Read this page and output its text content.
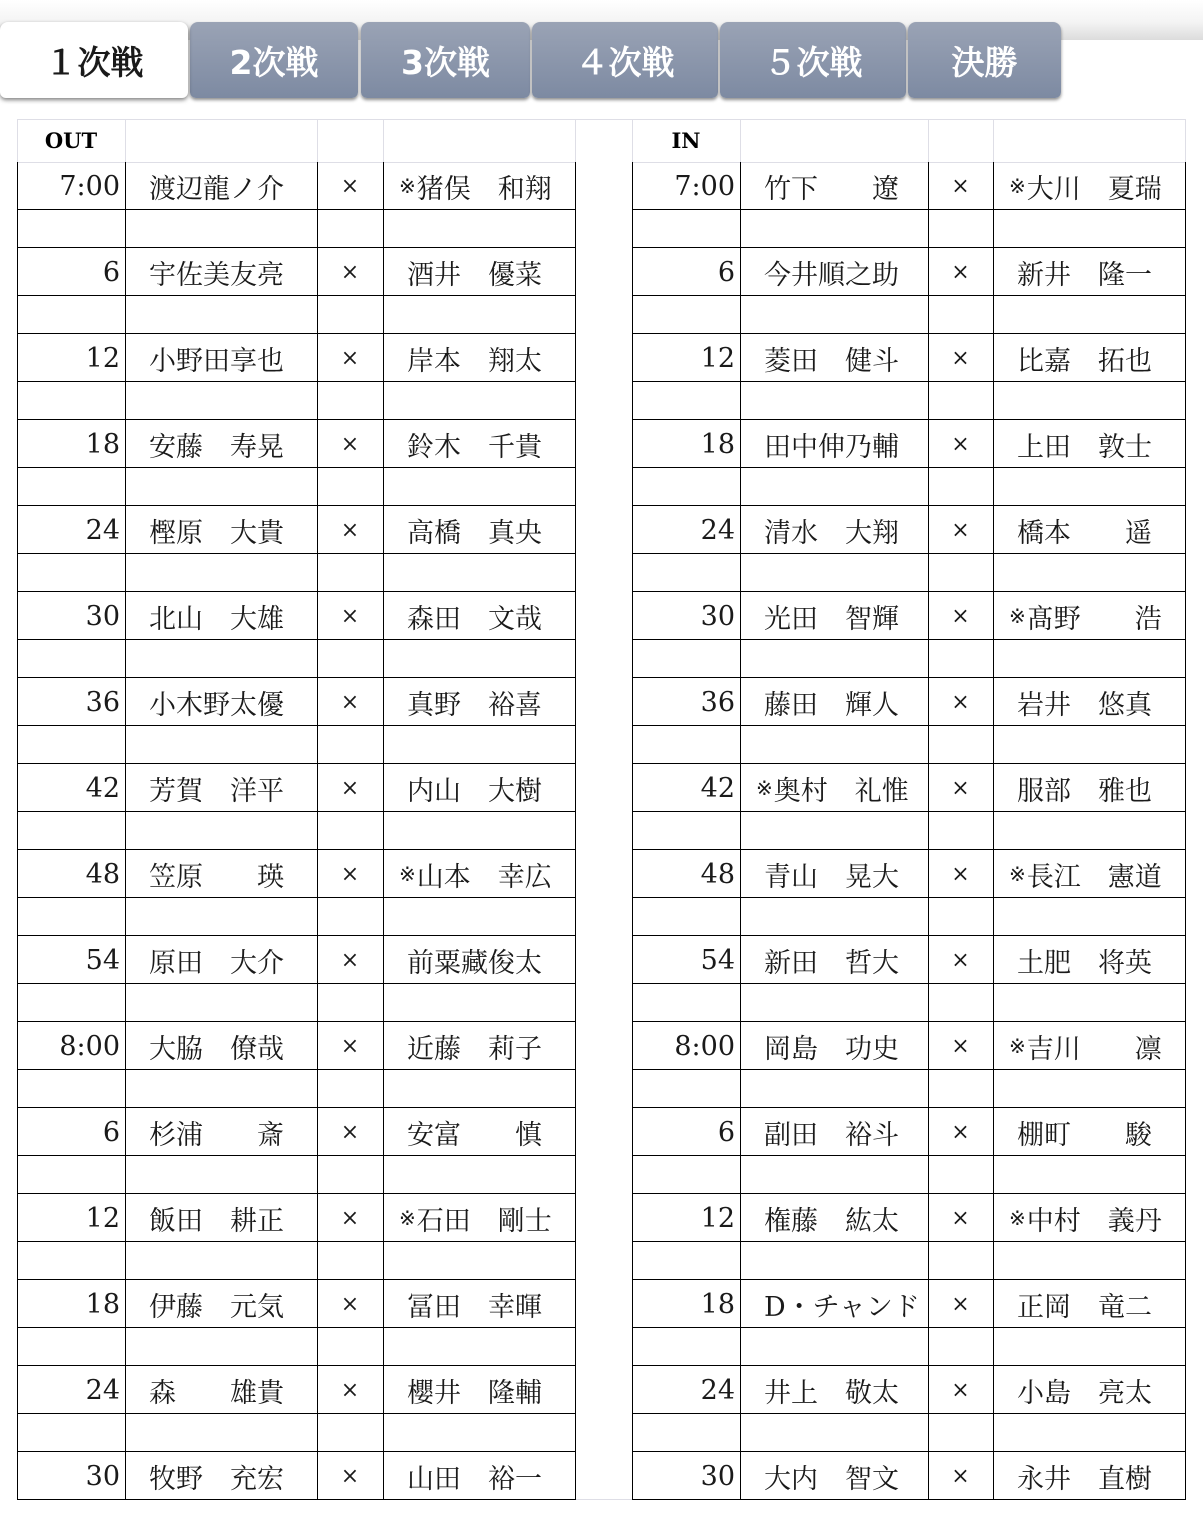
１次戦	2次戦	3次戦	４次戦	５次戦	決勝
OUT
7:00 渡辺龍ノ介	× ※ 猪俣　和翔
6 宇佐美友亮	× 酒井　優菜
12 小野田享也	× 岸本　翔太
18 安藤　寿晃	× 鈴木　千貴
24 樫原　大貴	× 高橋　真央
30 北山　大雄	× 森田　文哉
36 小木野太優	× 真野　裕喜
42 芳賀　洋平	× 内山　大樹
48 笠原　　瑛	× ※ 山本　幸広
54 原田　大介	× 前粟藏俊太
8:00 大脇　僚哉	× 近藤　莉子
6 杉浦　　斎	× 安富　　慎
12 飯田　耕正	× ※ 石田　剛士
18 伊藤　元気	× 冨田　幸暉
24 森　　雄貴	× 櫻井　隆輔
30 牧野　充宏	× 山田　裕一
IN
7:00 竹下　　遼 × ※ 大川　夏瑞
6 今井順之助 × 新井　隆一
12 菱田　健斗 × 比嘉　拓也
18 田中伸乃輔 × 上田　敦士
24 清水　大翔 × 橋本　　遥
30 光田　智輝 × ※ 髙野　　浩
36 藤田　輝人 × 岩井　悠真
42 ※ 奥村　礼惟 × 服部　雅也
48 青山　晃大 × ※ 長江　憲道
54 新田　哲大 × 土肥　将英
8:00 岡島　功史 × ※ 吉川　　凛
6 副田　裕斗 × 棚町　　駿
12 権藤　紘太 × ※ 中村　義丹
18 D・チャンド × 正岡　竜二
24 井上　敬太 × 小島　亮太
30 大内　智文 × 永井　直樹
